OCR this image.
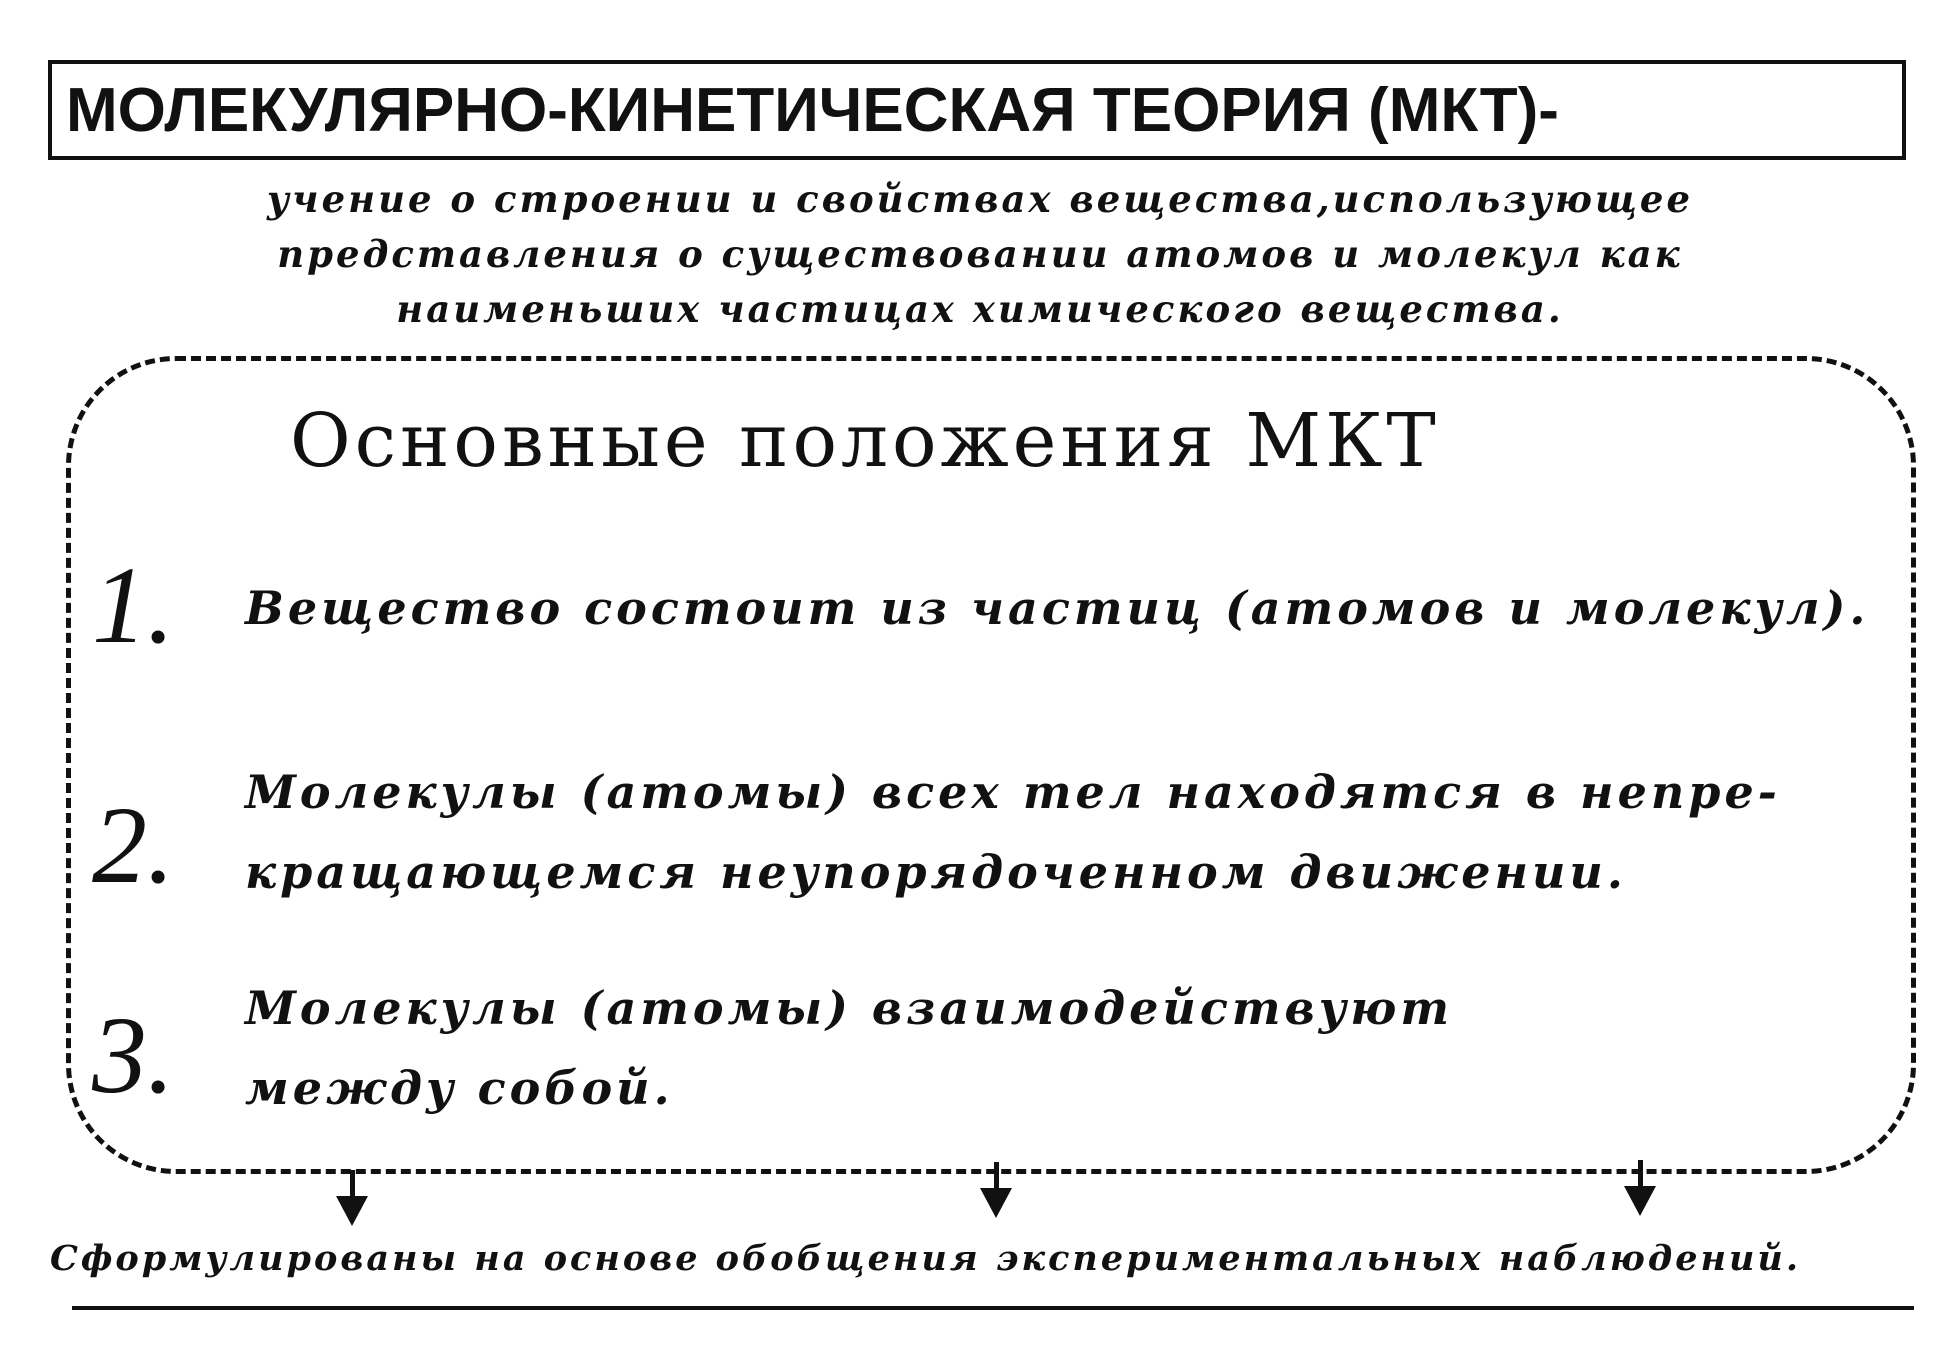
МОЛЕКУЛЯРНО-КИНЕТИЧЕСКАЯ ТЕОРИЯ (МКТ)-
учение о строении и свойствах вещества,использующее
представления о существовании атомов и молекул как
наименьших частицах химического вещества.
Основные положения МКТ
1. Вещество состоит из частиц (атомов и молекул).
2. Молекулы (атомы) всех тел находятся в непре-
кращающемся неупорядоченном движении.
3. Молекулы (атомы) взаимодействуют
между собой.
Сформулированы на основе обобщения экспериментальных наблюдений.
